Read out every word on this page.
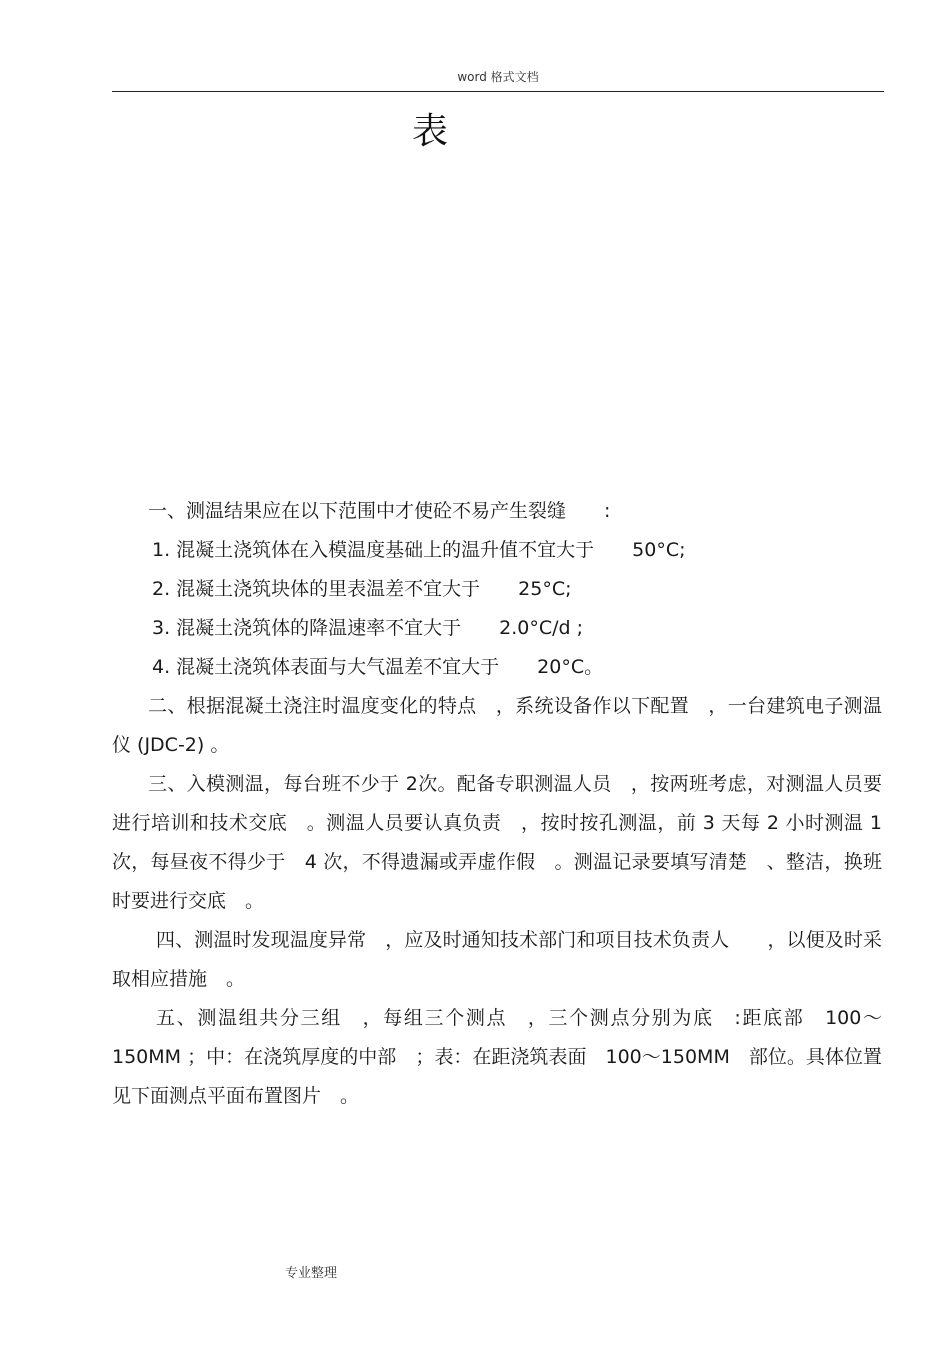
word 格式文档
表

一、测温结果应在以下范围中才使砼不易产生裂缝　　:

1. 混凝土浇筑体在入模温度基础上的温升值不宜大于　　50°C;

2. 混凝土浇筑块体的里表温差不宜大于　　25°C;

3. 混凝土浇筑体的降温速率不宜大于　　2.0°C/d ;

4. 混凝土浇筑体表面与大气温差不宜大于　　20°C。

二、根据混凝土浇注时温度变化的特点　，系统设备作以下配置　，一台建筑电子测温仪 (JDC-2) 。

三、入模测温，每台班不少于 2次。配备专职测温人员　，按两班考虑，对测温人员要进行培训和技术交底　。测温人员要认真负责　，按时按孔测温，前 3 天每 2 小时测温 1 次，每昼夜不得少于　4 次，不得遗漏或弄虚作假　。测温记录要填写清楚　、整洁，换班时要进行交底　。

四、测温时发现温度异常　，应及时通知技术部门和项目技术负责人　　，以便及时采取相应措施　。

五、测温组共分三组　，每组三个测点　，三个测点分别为底　:距底部　100～150MM ；中：在浇筑厚度的中部　；表：在距浇筑表面　100～150MM　部位。具体位置见下面测点平面布置图片　。

专业整理
